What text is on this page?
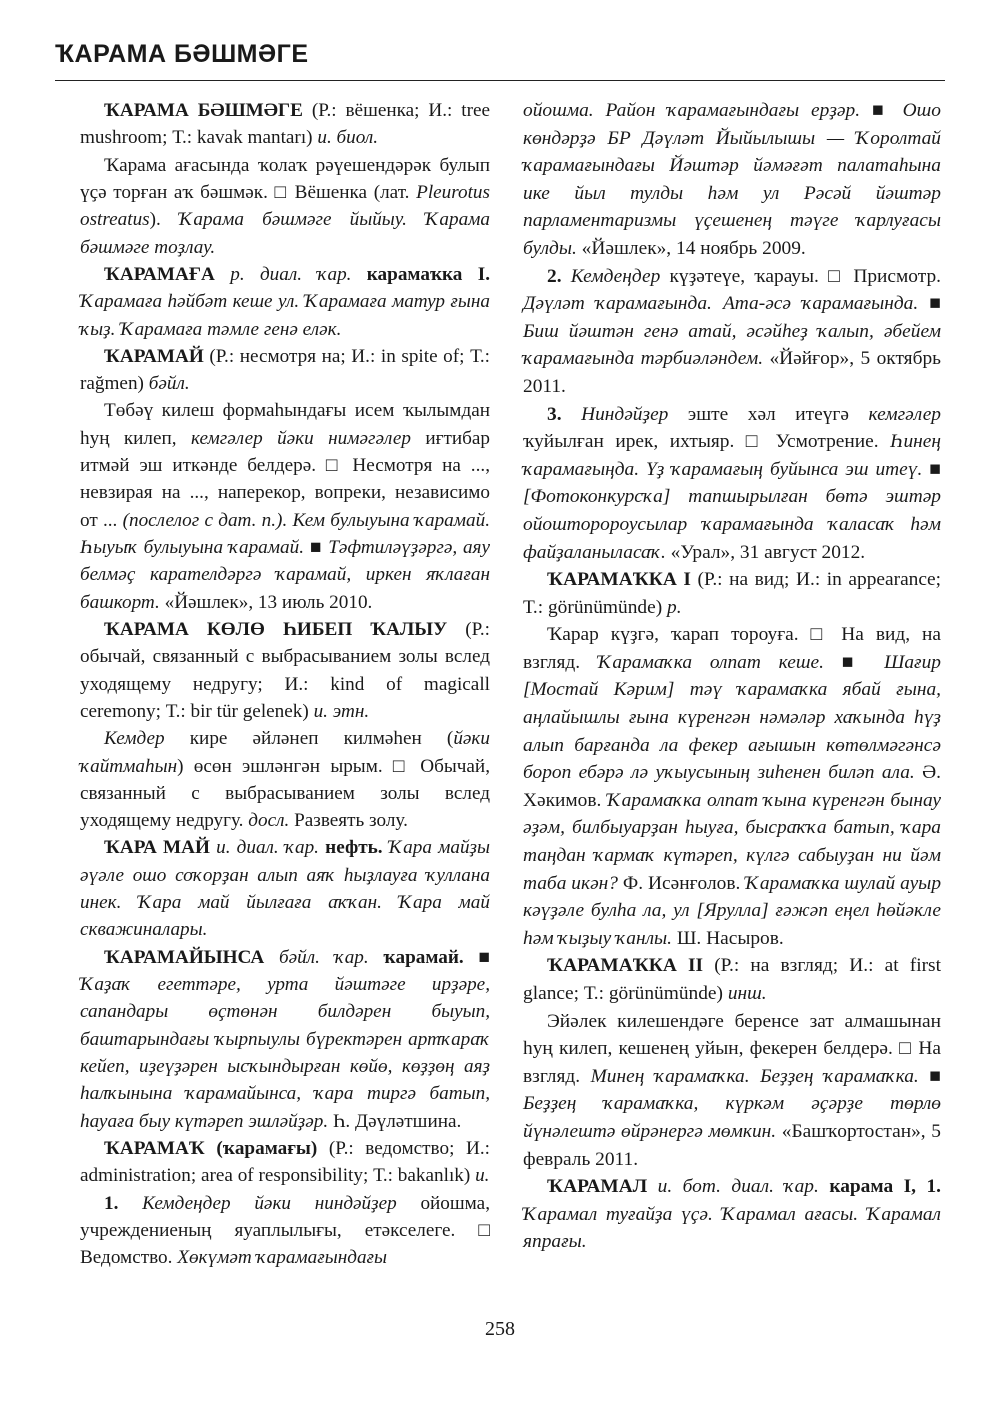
ҠАРАМА БӘШМӘГЕ

ҠАРАМА БӘШМӘГЕ (Р.: вёшенка; И.: tree mushroom; Т.: kavak mantarı) и. биол.

Ҡарама ағасында ҡолаҡ рәүешендәрәк булып үҫә торған аҡ бәшмәк. □ Вёшенка (лат. Pleurotus ostreatus). Ҡарама бәшмәге йыйыу. Ҡарама бәшмәге тоҙлау.

ҠАРАМАҒА р. диал. ҡар. карамаҡка I. Ҡарамаға һәйбәт кеше ул. Ҡарамаға матур ғына ҡыҙ. Ҡарамаға тәмле генә еләк.

ҠАРАМАЙ (Р.: несмотря на; И.: in spite of; Т.: rağmen) бәйл.

Төбәү килеш формаһындағы исем ҡылымдан һуң килеп, кемгәлер йәки нимәгәлер иғтибар итмәй эш иткәнде белдерә. □ Несмотря на ..., невзирая на ..., наперекор, вопреки, независимо от ... (послелог с дат. п.). Кем булыуына ҡарамай. Һыуыҡ булыуына ҡарамай. ■ Тәфтиләүҙәргә, аяу белмәҫ карателдәргә ҡарамай, иркен яҡлаған башкорт. «Йәшлек», 13 июль 2010.

ҠАРАМА КӨЛӨ ҺИБЕП ҠАЛЫУ (Р.: обычай, связанный с выбрасыванием золы вслед уходящему недругу; И.: kind of magicall ceremony; Т.: bir tür gelenek) и. этн.

Кемдер кире әйләнеп килмәһен (йәки ҡайтмаһын) өсөн эшләнгән ырым. □ Обычай, связанный с выбрасыванием золы вслед уходящему недругу. досл. Развеять золу.

ҠАРА МАЙ и. диал. ҡар. нефть. Ҡара майҙы әүәле ошо соҡорҙан алып аяҡ һыҙлауға ҡуллана инек. Ҡара май йылғаға аҡҡан. Ҡара май скважиналары.

ҠАРАМАЙЫНСА бәйл. ҡар. ҡарамай. ■ Ҡаҙаҡ егеттәре, урта йәштәге ирҙәре, сапандары өҫтөнән билдәрен быуып, баштарындағы ҡырпыулы бүректәрен артҡараҡ кейеп, иҙеүҙәрен ысҡындырған көйө, көҙҙөң аяҙ һалҡынына ҡарамайынса, ҡара тиргә батып, һауаға быу күтәреп эшләйҙәр. Һ. Дәүләтшина.

ҠАРАМАҠ (ҡарамағы) (Р.: ведомство; И.: administration; area of responsibility; Т.: bakanlık) и.

1. Кемдеңдер йәки ниндәйҙер ойошма, учреждениеның яуаплылығы, етәкселеге. □ Ведомство. Хөкүмәт ҡарамағындағы

ойошма. Район ҡарамағындағы ерҙәр. ■ Ошо көндәрҙә БР Дәүләт Йыйылышы — Ҡоролтай ҡарамағындағы Йәштәр йәмәғәт палатаһына ике йыл тулды һәм ул Рәсәй йәштәр парламентаризмы үҫешенең тәүге ҡарлуғасы булды. «Йәшлек», 14 ноябрь 2009.

2. Кемдеңдер күҙәтеүе, ҡарауы. □ Присмотр. Дәүләт ҡарамағында. Ата-әсә ҡарамағында. ■ Биш йәштән генә атай, әсәйһеҙ ҡалып, әбейем ҡарамағында тәрбиәләндем. «Йәйғор», 5 октябрь 2011.

3. Ниндәйҙер эште хәл итеүгә кемгәлер ҡуйылған ирек, ихтыяр. □ Усмотрение. Һинең ҡарамағыңда. Үҙ ҡарамағың буйынса эш итеү. ■ [Фотоконкурсҡа] тапшырылған бөтә эштәр ойошторороусылар ҡарамағында ҡаласаҡ һәм файҙаланыласаҡ. «Урал», 31 август 2012.

ҠАРАМАҠКА I (Р.: на вид; И.: in appearance; Т.: görünümünde) р.

Ҡарар күҙгә, ҡарап тороуға. □ На вид, на взгляд. Ҡарамаҡка олпат кеше. ■ Шағир [Мостай Кәрим] тәү ҡарамаҡка ябай ғына, аңлайышлы ғына күренгән нәмәләр хаҡында һүҙ алып барғанда ла фекер ағышын көтөлмәгәнсә бороп ебәрә лә уҡыусының зиһенен биләп ала. Ә. Хәкимов. Ҡарамаҡка олпат ҡына күренгән бынау әҙәм, билбыуарҙан һыуға, бысраҡҡа батып, ҡара таңдан ҡармаҡ күтәреп, күлгә сабыуҙан ни йәм таба икән? Ф. Исәнғолов. Ҡарамаҡка шулай ауыр кәүҙәле булһа ла, ул [Ярулла] ғәжәп еңел һөйәкле һәм ҡыҙыу ҡанлы. Ш. Насыров.

ҠАРАМАҠКА II (Р.: на взгляд; И.: at first glance; Т.: görünümünde) инш.

Эйәлек килешендәге беренсе зат алмашынан һуң килеп, кешенең уйын, фекерен белдерә. □ На взгляд. Минең ҡарамаҡка. Беҙҙең ҡарамаҡка. ■ Беҙҙең ҡарамаҡка, күркәм әҫәрҙе төрлө йүнәлештә өйрәнергә мөмкин. «Башҡортостан», 5 февраль 2011.

ҠАРАМАЛ и. бот. диал. ҡар. карама I, 1. Ҡарамал туғайҙа үҫә. Ҡарамал ағасы. Ҡарамал япрағы.

258
